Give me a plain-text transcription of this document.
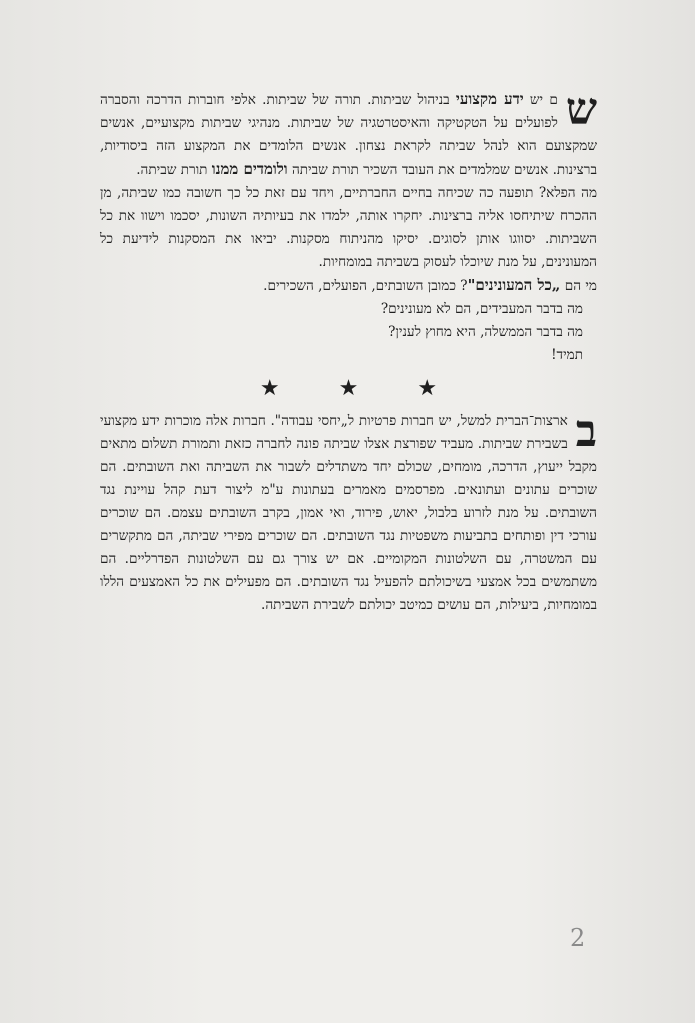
ש
ם יש ידע מקצועי בניהול שביתות. תורה של שביתות. אלפי חוברות הדרכה והסברה לפועלים על הטקטיקה והאיסטרטגיה של שביתות. מנהיגי שביתות מקצועיים, אנשים שמקצועם הוא לנהל שביתה לקראת נצחון. אנשים הלומדים את המקצוע הזה ביסודיות, ברצינות. אנשים שמלמדים את העובד השכיר תורת שביתה ולומדים ממנו תורת שביתה.

מה הפלא? תופעה כה שכיחה בחיים החברתיים, ויחד עם זאת כל כך חשובה כמו שביתה, מן ההכרח שיתיחסו אליה ברצינות. יחקרו אותה, ילמדו את בעיותיה השונות, יסכמו וישוו את כל השביתות. יסווגו אותן לסוגים. יסיקו מהניתוח מסקנות. יביאו את המסקנות לידיעת כל המעונינים, על מנת שיוכלו לעסוק בשביתה במומחיות.

מי הם „כל המעונינים"? כמובן השובתים, הפועלים, השכירים.

מה בדבר המעבידים, הם לא מעונינים?

מה בדבר הממשלה, היא מחוץ לענין?

תמיד!

★ ★ ★

ב
ארצות־הברית למשל, יש חברות פרטיות ל„יחסי עבודה". חברות אלה מוכרות ידע מקצועי בשבירת שביתות. מעביד שפורצת אצלו שביתה פונה לחברה כזאת ותמורת תשלום מתאים מקבל ייעוץ, הדרכה, מומחים, שכולם יחד משתדלים לשבור את השביתה ואת השובתים. הם שוכרים עתונים ועתונאים. מפרסמים מאמרים בעתונות ע"מ ליצור דעת קהל עויינת נגד השובתים. על מנת לזרוע בלבול, יאוש, פירוד, ואי אמון, בקרב השובתים עצמם. הם שוכרים עורכי דין ופותחים בתביעות משפטיות נגד השובתים. הם שוכרים מפירי שביתה, הם מתקשרים עם המשטרה, עם השלטונות המקומיים. אם יש צורך גם עם השלטונות הפדרליים. הם משתמשים בכל אמצעי בשיכולתם להפעיל נגד השובתים. הם מפעילים את כל האמצעים הללו במומחיות, ביעילות, הם עושים כמיטב יכולתם לשבירת השביתה.

2
